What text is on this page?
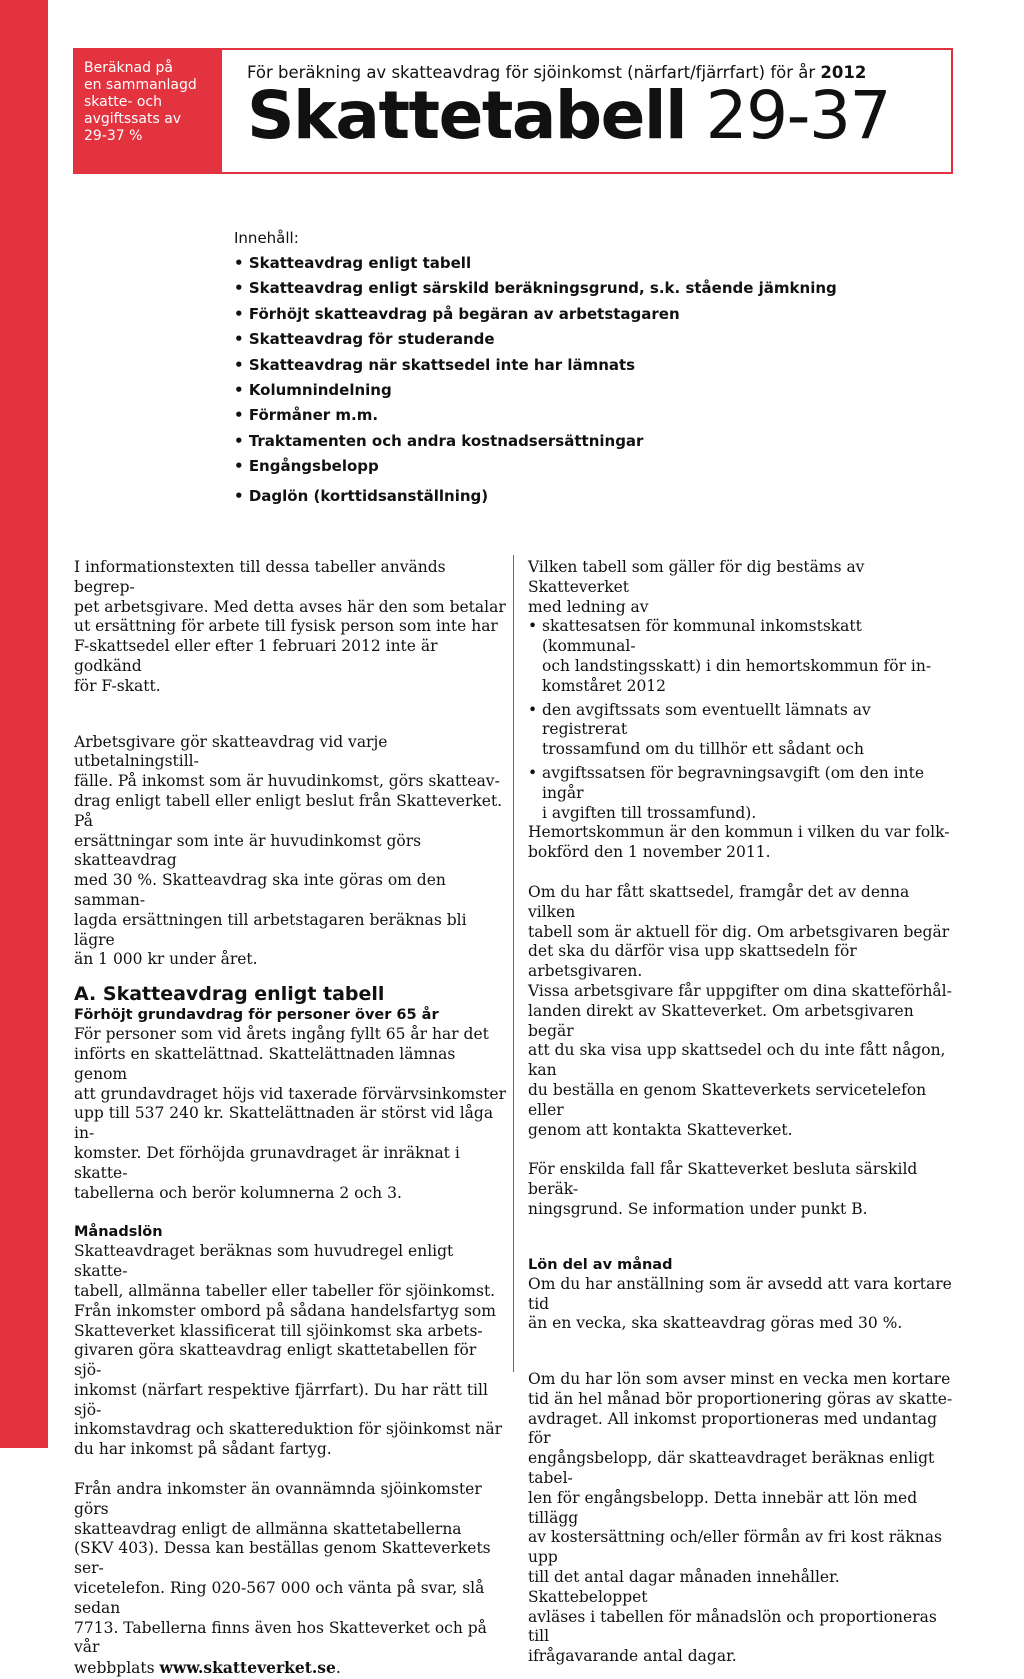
Beräknad på
en sammanlagd
skatte- och
avgiftssats av
29-37 %
För beräkning av skatteavdrag för sjöinkomst (närfart/fjärrfart) för år 2012
Skattetabell 29-37
Innehåll:
• Skatteavdrag enligt tabell
• Skatteavdrag enligt särskild beräkningsgrund, s.k. stående jämkning
• Förhöjt skatteavdrag på begäran av arbetstagaren
• Skatteavdrag för studerande
• Skatteavdrag när skattsedel inte har lämnats
• Kolumnindelning
• Förmåner m.m.
• Traktamenten och andra kostnadsersättningar
• Engångsbelopp
• Daglön (korttidsanställning)

I informationstexten till dessa tabeller används begrep-
pet arbetsgivare. Med detta avses här den som betalar
ut ersättning för arbete till fysisk person som inte har
F-skattsedel eller efter 1 februari 2012 inte är godkänd
för F-skatt.

Arbetsgivare gör skatteavdrag vid varje utbetalningstill-
fälle. På inkomst som är huvudinkomst, görs skatteav-
drag enligt tabell eller enligt beslut från Skatteverket. På
ersättningar som inte är huvudinkomst görs skatteavdrag
med 30 %. Skatteavdrag ska inte göras om den samman-
lagda ersättningen till arbetstagaren beräknas bli lägre
än 1 000 kr under året.

A. Skatteavdrag enligt tabell
Förhöjt grundavdrag för personer över 65 år

För personer som vid årets ingång fyllt 65 år har det
införts en skattelättnad. Skattelättnaden lämnas genom
att grundavdraget höjs vid taxerade förvärvsinkomster
upp till 537 240 kr. Skattelättnaden är störst vid låga in-
komster. Det förhöjda grunavdraget är inräknat i skatte-
tabellerna och berör kolumnerna 2 och 3.

Månadslön

Skatteavdraget beräknas som huvudregel enligt skatte-
tabell, allmänna tabeller eller tabeller för sjöinkomst.
Från inkomster ombord på sådana handelsfartyg som
Skatteverket klassificerat till sjöinkomst ska arbets-
givaren göra skatteavdrag enligt skattetabellen för sjö-
inkomst (närfart respektive fjärrfart). Du har rätt till sjö-
inkomstavdrag och skattereduktion för sjöinkomst när
du har inkomst på sådant fartyg.

Från andra inkomster än ovannämnda sjöinkomster görs
skatteavdrag enligt de allmänna skattetabellerna
(SKV 403). Dessa kan beställas genom Skatteverkets ser-
vicetelefon. Ring 020-567 000 och vänta på svar, slå sedan
7713. Tabellerna finns även hos Skatteverket och på vår
webbplats www.skatteverket.se.

Vilken tabell som gäller för dig bestäms av Skatteverket
med ledning av

• skattesatsen för kommunal inkomstskatt (kommunal-
och landstingsskatt) i din hemortskommun för in-
komståret 2012
• den avgiftssats som eventuellt lämnats av registrerat
trossamfund om du tillhör ett sådant och
• avgiftssatsen för begravningsavgift (om den inte ingår
i avgiften till trossamfund).

Hemortskommun är den kommun i vilken du var folk-
bokförd den 1 november 2011.

Om du har fått skattsedel, framgår det av denna vilken
tabell som är aktuell för dig. Om arbetsgivaren begär
det ska du därför visa upp skattsedeln för arbetsgivaren.
Vissa arbetsgivare får uppgifter om dina skatteförhål-
landen direkt av Skatteverket. Om arbetsgivaren begär
att du ska visa upp skattsedel och du inte fått någon, kan
du beställa en genom Skatteverkets servicetelefon eller
genom att kontakta Skatteverket.

För enskilda fall får Skatteverket besluta särskild beräk-
ningsgrund. Se information under punkt B.

Lön del av månad

Om du har anställning som är avsedd att vara kortare tid
än en vecka, ska skatteavdrag göras med 30 %.

Om du har lön som avser minst en vecka men kortare
tid än hel månad bör proportionering göras av skatte-
avdraget. All inkomst proportioneras med undantag för
engångsbelopp, där skatteavdraget beräknas enligt tabel-
len för engångsbelopp. Detta innebär att lön med tillägg
av kostersättning och/eller förmån av fri kost räknas upp
till det antal dagar månaden innehåller. Skattebeloppet
avläses i tabellen för månadslön och proportioneras till
ifrågavarande antal dagar.
